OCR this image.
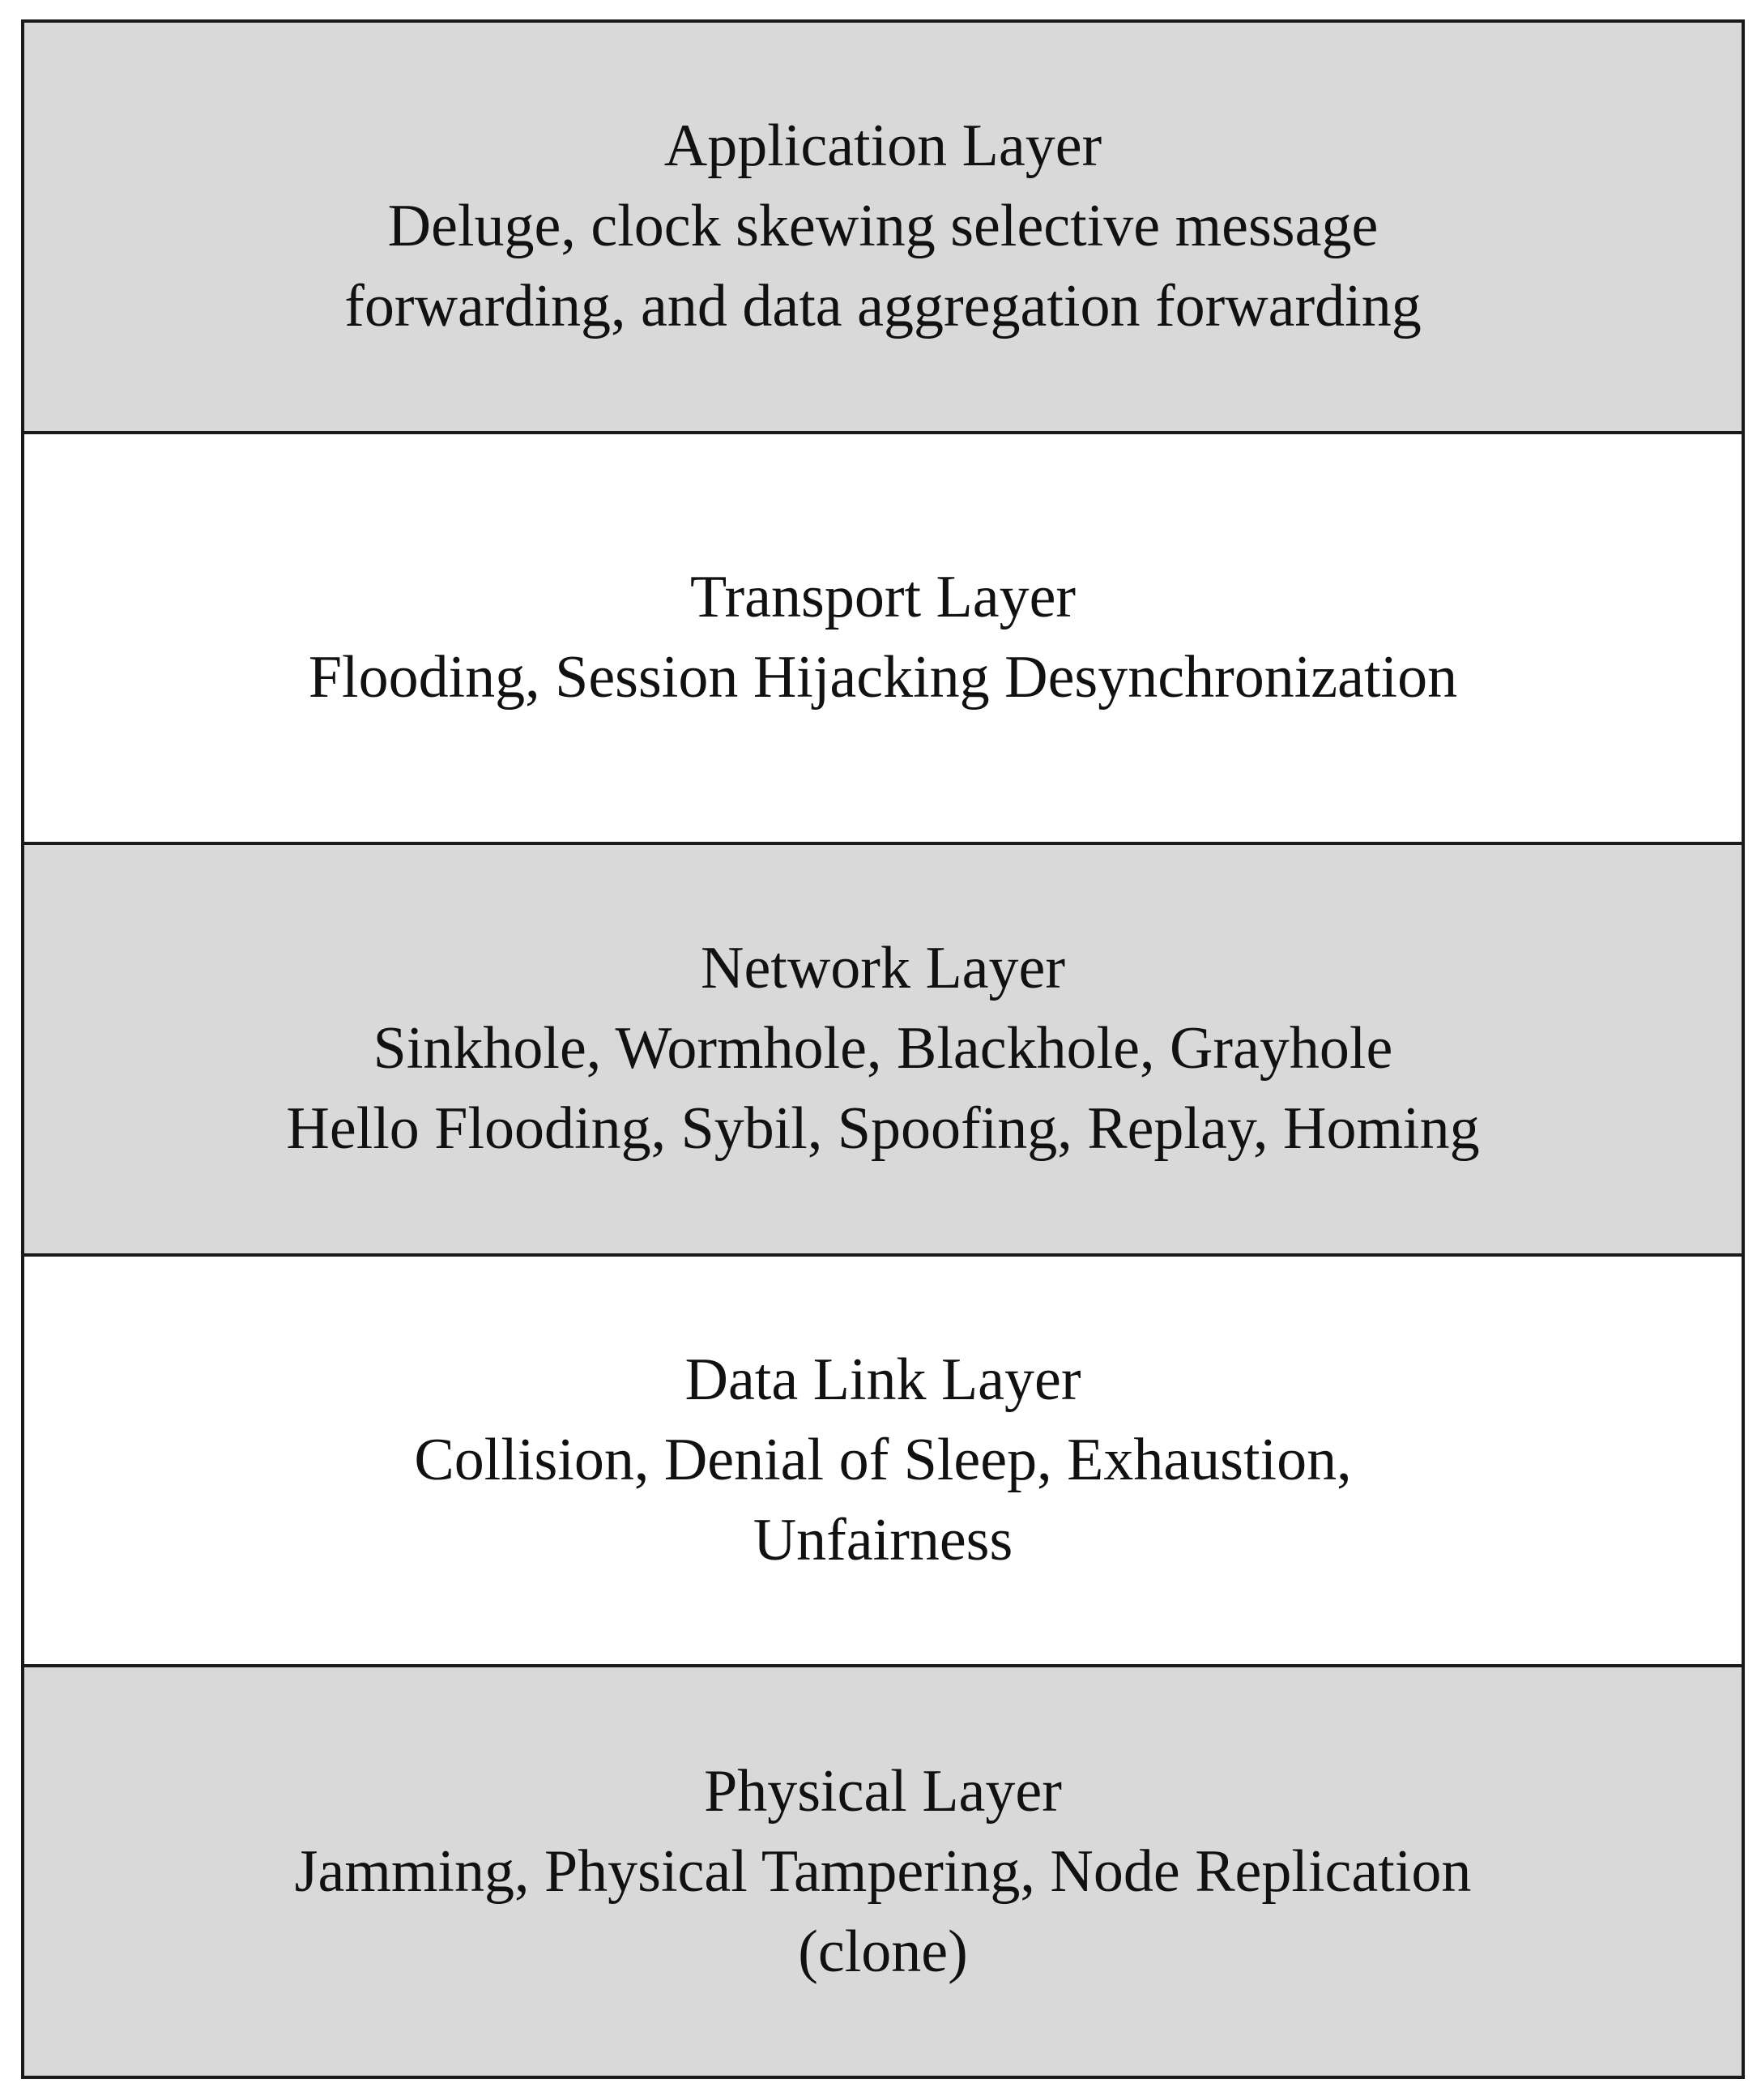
Application Layer
Deluge, clock skewing selective message
forwarding, and data aggregation forwarding
Transport Layer
Flooding, Session Hijacking Desynchronization
Network Layer
Sinkhole, Wormhole, Blackhole, Grayhole
Hello Flooding, Sybil, Spoofing, Replay, Homing
Data Link Layer
Collision, Denial of Sleep, Exhaustion,
Unfairness
Physical Layer
Jamming, Physical Tampering, Node Replication
(clone)
